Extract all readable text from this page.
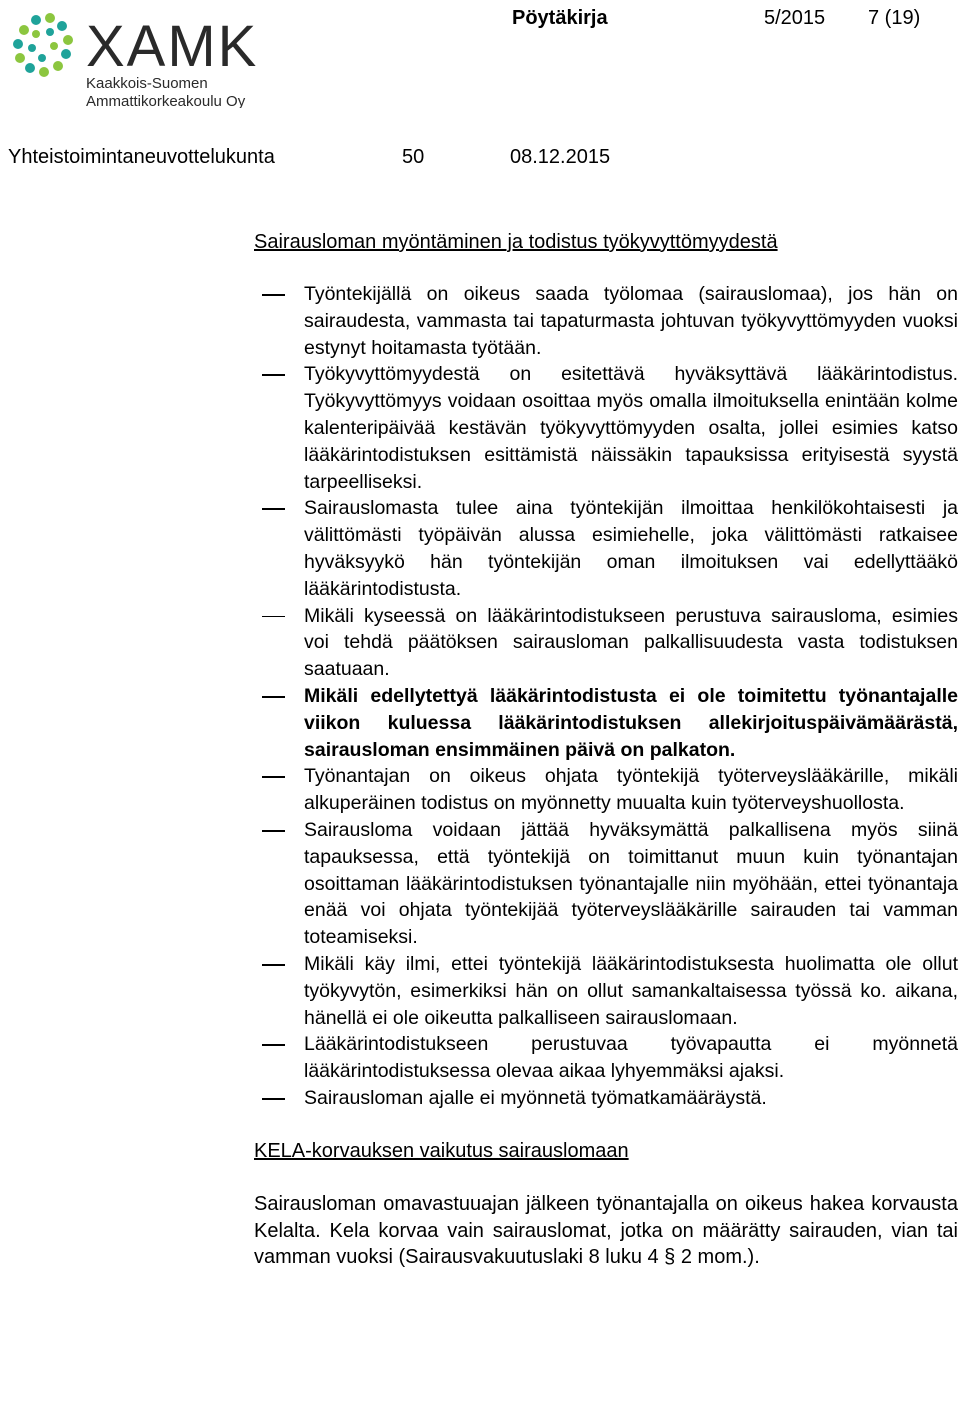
XAMK
Kaakkois-Suomen
Ammattikorkeakoulu Oy
Pöytäkirja	5/2015 7 (19)
Yhteistoimintaneuvottelukunta	50	08.12.2015
Sairausloman myöntäminen ja todistus työkyvyttömyydestä
Työntekijällä on oikeus saada työlomaa (sairauslomaa), jos hän on sairaudesta, vammasta tai tapaturmasta johtuvan työkyvyttömyyden vuoksi estynyt hoitamasta työtään.
Työkyvyttömyydestä on esitettävä hyväksyttävä lääkärintodistus. Työkyvyttömyys voidaan osoittaa myös omalla ilmoituksella enintään kolme kalenteripäivää kestävän työkyvyttömyyden osalta, jollei esimies katso lääkärintodistuksen esittämistä näissäkin tapauksissa erityisestä syystä tarpeelliseksi.
Sairauslomasta tulee aina työntekijän ilmoittaa henkilökohtaisesti ja välittömästi työpäivän alussa esimiehelle, joka välittömästi ratkaisee hyväksyykö hän työntekijän oman ilmoituksen vai edellyttääkö lääkärintodistusta.
Mikäli kyseessä on lääkärintodistukseen perustuva sairausloma, esimies voi tehdä päätöksen sairausloman palkallisuudesta vasta todistuksen saatuaan.
Mikäli edellytettyä lääkärintodistusta ei ole toimitettu työnantajalle viikon kuluessa lääkärintodistuksen allekirjoituspäivämäärästä, sairausloman ensimmäinen päivä on palkaton.
Työnantajan on oikeus ohjata työntekijä työterveyslääkärille, mikäli alkuperäinen todistus on myönnetty muualta kuin työterveyshuollosta.
Sairausloma voidaan jättää hyväksymättä palkallisena myös siinä tapauksessa, että työntekijä on toimittanut muun kuin työnantajan osoittaman lääkärintodistuksen työnantajalle niin myöhään, ettei työnantaja enää voi ohjata työntekijää työterveyslääkärille sairauden tai vamman toteamiseksi.
Mikäli käy ilmi, ettei työntekijä lääkärintodistuksesta huolimatta ole ollut työkyvytön, esimerkiksi hän on ollut samankaltaisessa työssä ko. aikana, hänellä ei ole oikeutta palkalliseen sairauslomaan.
Lääkärintodistukseen perustuvaa työvapautta ei myönnetä lääkärintodistuksessa olevaa aikaa lyhyemmäksi ajaksi.
Sairausloman ajalle ei myönnetä työmatkamääräystä.
KELA-korvauksen vaikutus sairauslomaan

Sairausloman omavastuuajan jälkeen työnantajalla on oikeus hakea korvausta Kelalta. Kela korvaa vain sairauslomat, jotka on määrätty sairauden, vian tai vamman vuoksi (Sairausvakuutuslaki 8 luku 4 § 2 mom.).
